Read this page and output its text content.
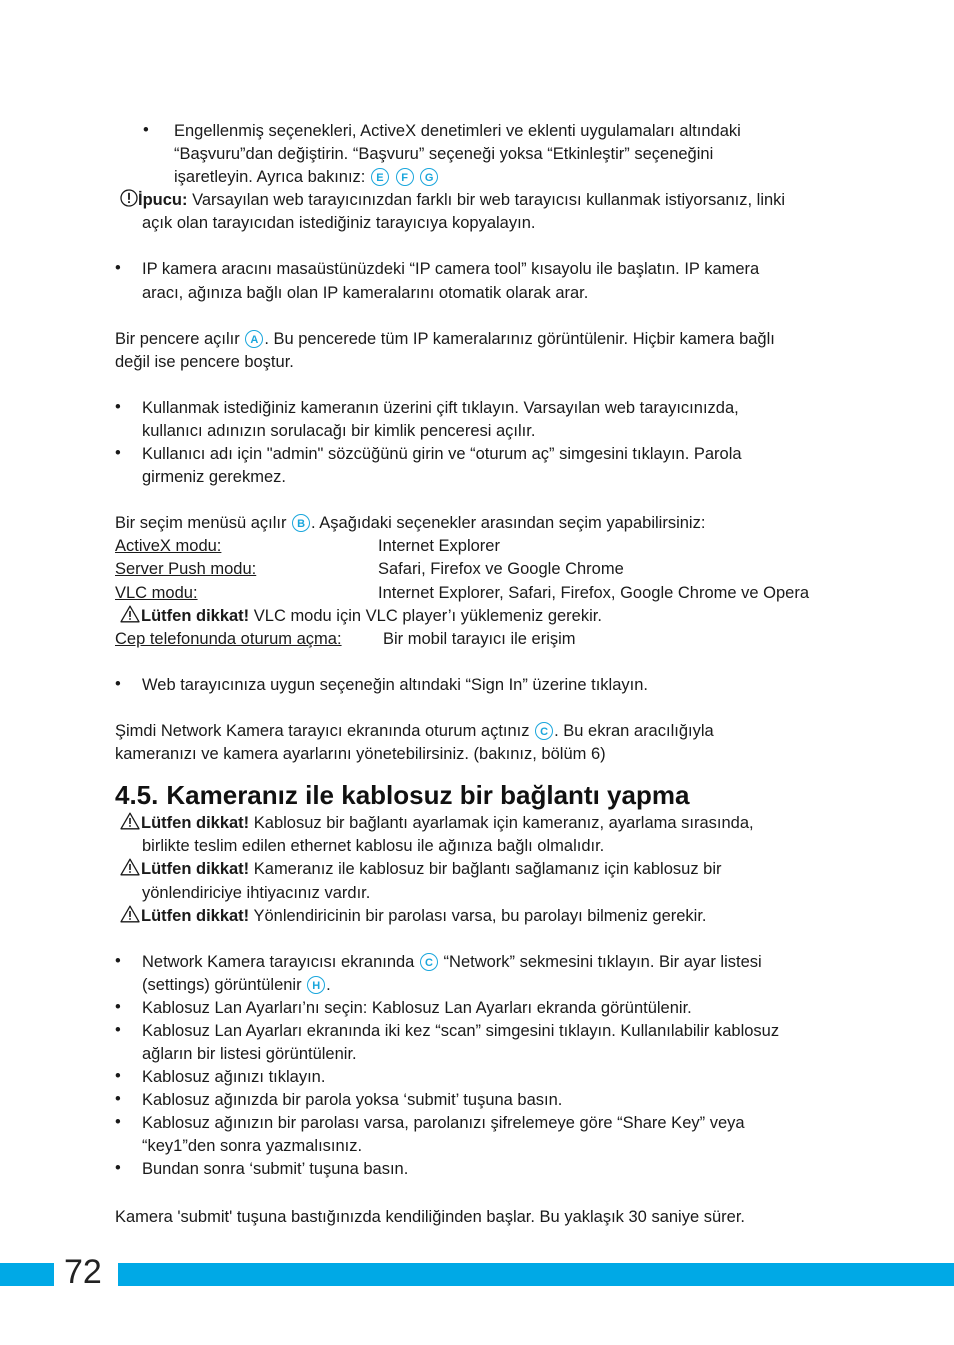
• Engellenmiş seçenekleri, ActiveX denetimleri ve eklenti uygulamaları altındaki
“Başvuru”dan değiştirin. “Başvuru” seçeneği yoksa “Etkinleştir” seçeneğini
işaretleyin. Ayrıca bakınız: E F G
İpucu: Varsayılan web tarayıcınızdan farklı bir web tarayıcısı kullanmak istiyorsanız, linki
açık olan tarayıcıdan istediğiniz tarayıcıya kopyalayın.
• IP kamera aracını masaüstünüzdeki “IP camera tool” kısayolu ile başlatın. IP kamera
aracı, ağınıza bağlı olan IP kameralarını otomatik olarak arar.
Bir pencere açılır A . Bu pencerede tüm IP kameralarınız görüntülenir. Hiçbir kamera bağlı
değil ise pencere boştur.
• Kullanmak istediğiniz kameranın üzerini çift tıklayın. Varsayılan web tarayıcınızda,
kullanıcı adınızın sorulacağı bir kimlik penceresi açılır.
• Kullanıcı adı için "admin" sözcüğünü girin ve “oturum aç” simgesini tıklayın. Parola
girmeniz gerekmez.
Bir seçim menüsü açılır B . Aşağıdaki seçenekler arasından seçim yapabilirsiniz:
ActiveX modu:	Internet Explorer
Server Push modu:	Safari, Firefox ve Google Chrome
VLC modu:	Internet Explorer, Safari, Firefox, Google Chrome ve Opera
Lütfen dikkat! VLC modu için VLC player’ı yüklemeniz gerekir.
Cep telefonunda oturum açma:	Bir mobil tarayıcı ile erişim
• Web tarayıcınıza uygun seçeneğin altındaki “Sign In” üzerine tıklayın.
Şimdi Network Kamera tarayıcı ekranında oturum açtınız C . Bu ekran aracılığıyla
kameranızı ve kamera ayarlarını yönetebilirsiniz. (bakınız, bölüm 6)
4.5. Kameranız ile kablosuz bir bağlantı yapma
Lütfen dikkat! Kablosuz bir bağlantı ayarlamak için kameranız, ayarlama sırasında,
birlikte teslim edilen ethernet kablosu ile ağınıza bağlı olmalıdır.
Lütfen dikkat! Kameranız ile kablosuz bir bağlantı sağlamanız için kablosuz bir
yönlendiriciye ihtiyacınız vardır.
Lütfen dikkat! Yönlendiricinin bir parolası varsa, bu parolayı bilmeniz gerekir.
• Network Kamera tarayıcısı ekranında C “Network” sekmesini tıklayın. Bir ayar listesi
(settings) görüntülenir H .
• Kablosuz Lan Ayarları’nı seçin: Kablosuz Lan Ayarları ekranda görüntülenir.
• Kablosuz Lan Ayarları ekranında iki kez “scan” simgesini tıklayın. Kullanılabilir kablosuz
ağların bir listesi görüntülenir.
• Kablosuz ağınızı tıklayın.
• Kablosuz ağınızda bir parola yoksa ‘submit’ tuşuna basın.
• Kablosuz ağınızın bir parolası varsa, parolanızı şifrelemeye göre “Share Key” veya
“key1”den sonra yazmalısınız.
• Bundan sonra ‘submit’ tuşuna basın.
Kamera 'submit' tuşuna bastığınızda kendiliğinden başlar. Bu yaklaşık 30 saniye sürer.
72
